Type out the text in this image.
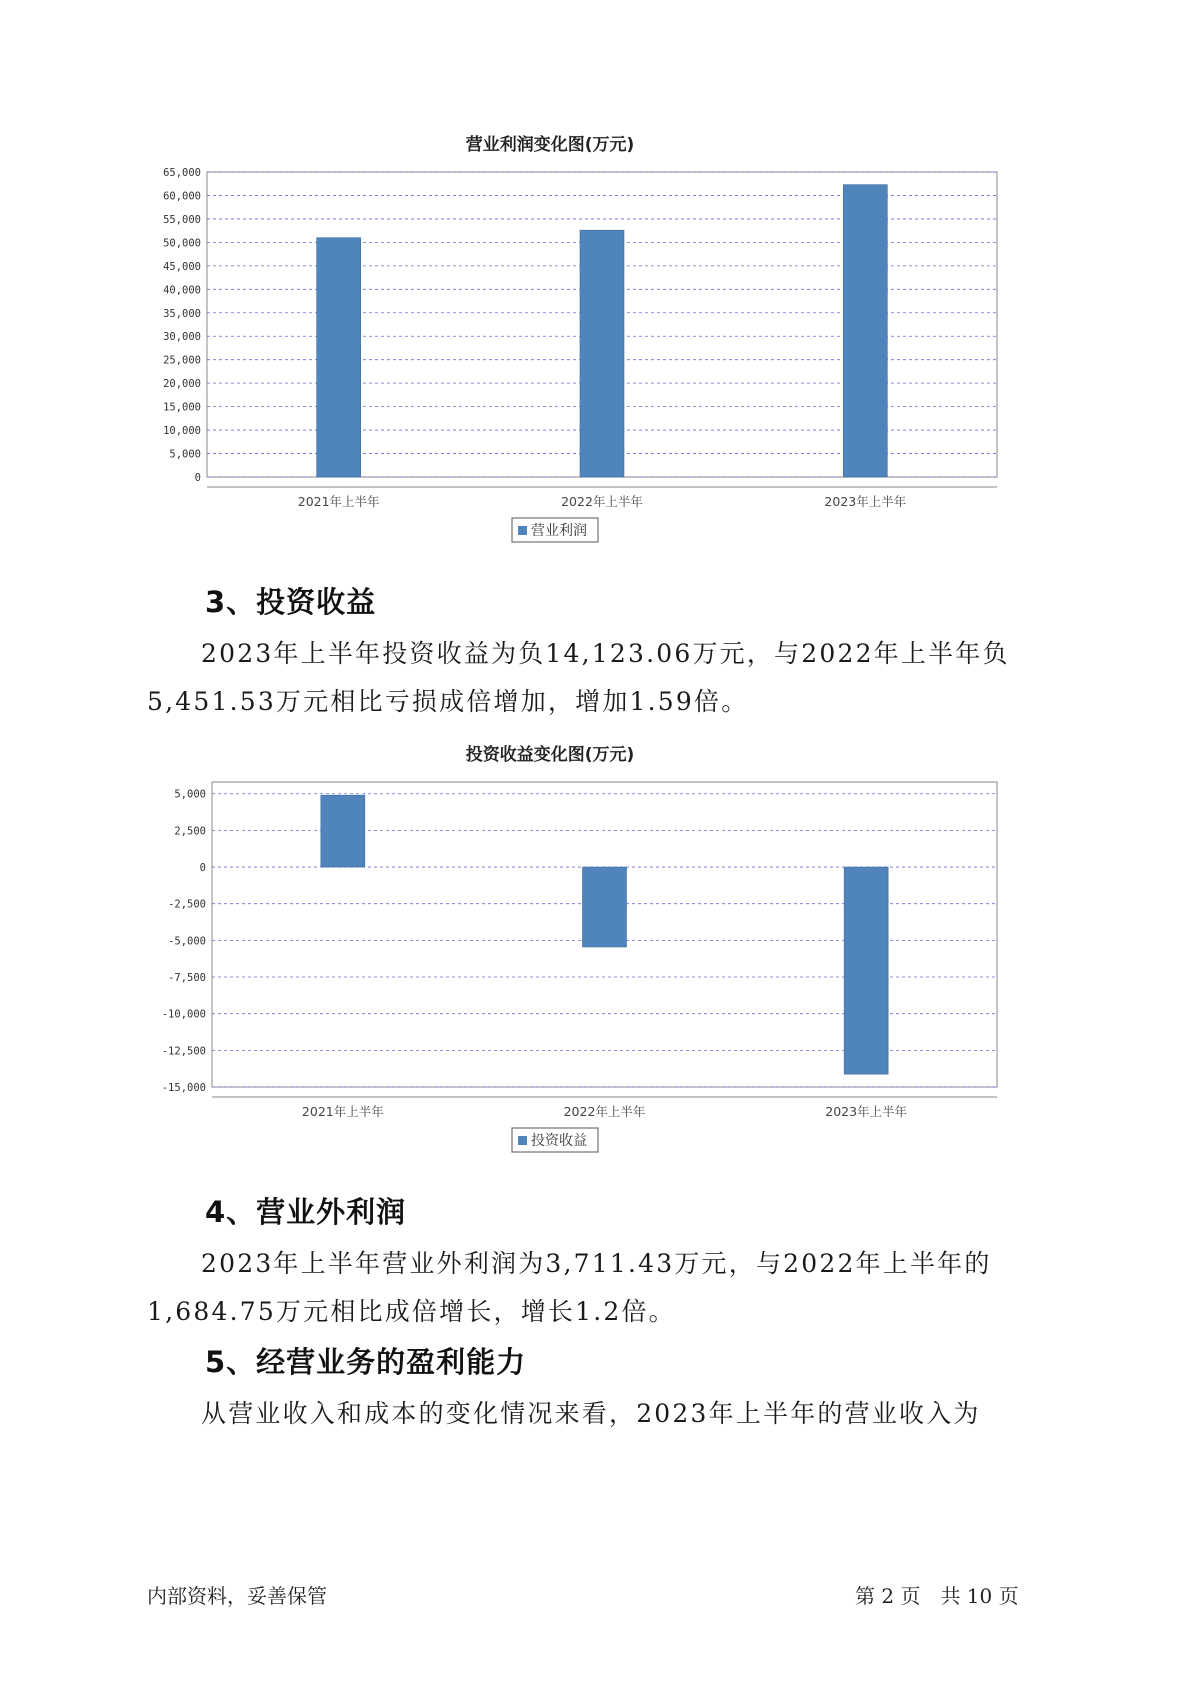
营业利润变化图(万元)
0
5,000
10,000
15,000
20,000
25,000
30,000
35,000
40,000
45,000
50,000
55,000
60,000
65,000
2021年上半年	2022年上半年	2023年上半年
营业利润
3、投资收益

2023年上半年投资收益为负14,123.06万元，与2022年上半年负5,451.53万元相比亏损成倍增加，增加1.59倍。

投资收益变化图(万元)
5,000
2,500
0
-2,500
-5,000
-7,500
-10,000
-12,500
-15,000
2021年上半年	2022年上半年	2023年上半年
投资收益
4、营业外利润

2023年上半年营业外利润为3,711.43万元，与2022年上半年的1,684.75万元相比成倍增长，增长1.2倍。

5、经营业务的盈利能力

从营业收入和成本的变化情况来看，2023年上半年的营业收入为

内部资料，妥善保管	第 2 页　共 10 页
